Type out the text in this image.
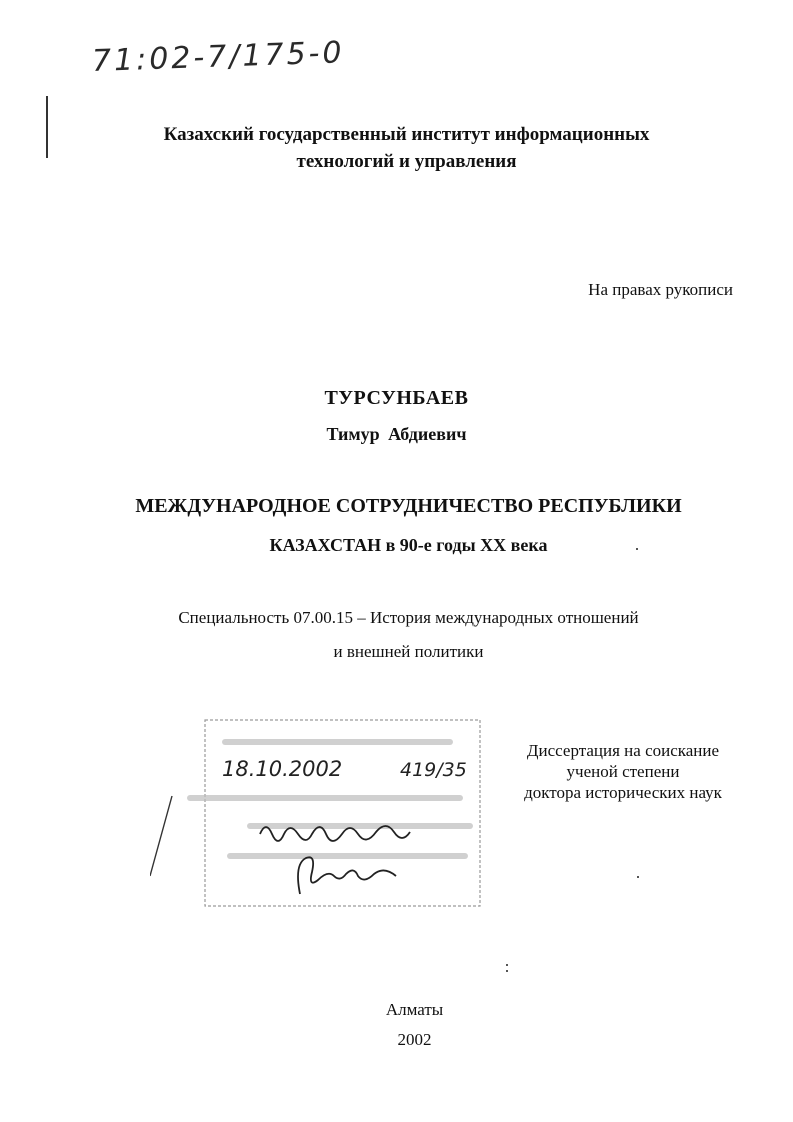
71:02-7/175-0
Казахский государственный институт информационных
технологий и управления
На правах рукописи
ТУРСУНБАЕВ
Тимур Абдиевич
МЕЖДУНАРОДНОЕ СОТРУДНИЧЕСТВО РЕСПУБЛИКИ
КАЗАХСТАН в 90-е годы XX века
Специальность 07.00.15 – История международных отношений
и внешней политики
18.10.2002	419/35
Диссертация на соискание
ученой степени
доктора исторических наук
Алматы
2002
